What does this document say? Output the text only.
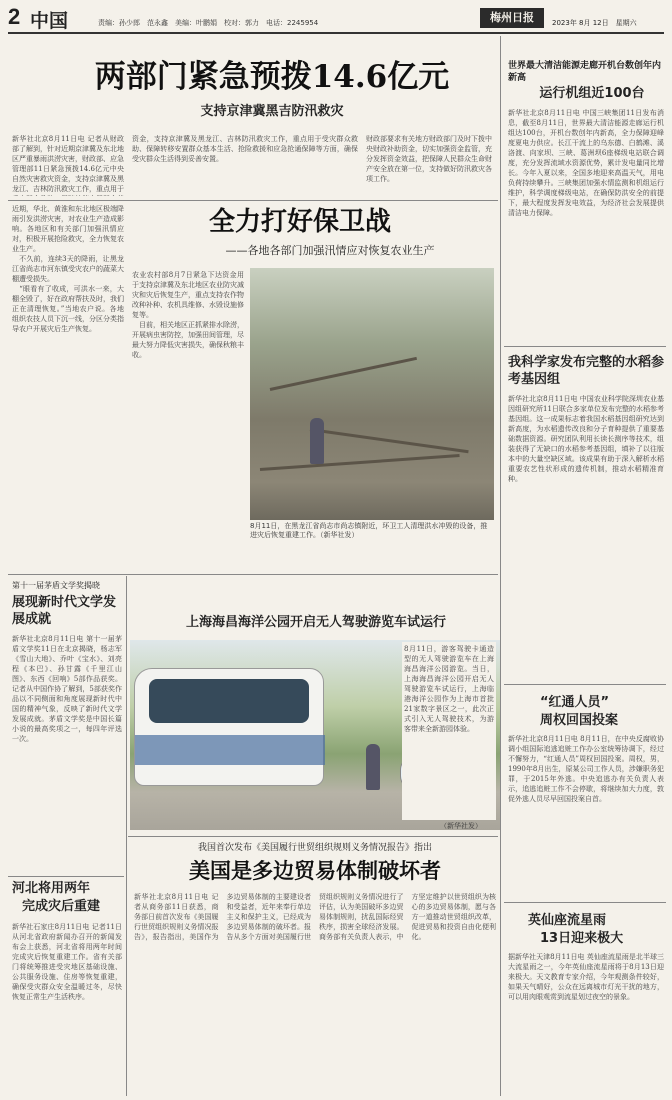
2 中国	责编：孙少郎　范永鑫　美编：叶鹏娟　校对：郭力　电话：2245954	梅州日报	2023年 8月 12日　星期六
两部门紧急预拨14.6亿元
支持京津冀黑吉防汛救灾
新华社北京8月11日电 记者从财政部了解到，针对近期京津冀及东北地区严重暴雨洪涝灾害，财政部、应急管理部11日紧急预拨14.6亿元中央自然灾害救灾资金，支持京津冀及黑龙江、吉林防汛救灾工作，重点用于
资金，支持京津冀及黑龙江、吉林防汛救灾工作，重点用于受灾群众救助、保障转移安置群众基本生活、抢险救援和应急抢通保障等方面，确保受灾群众生活得到妥善安置。
财政部要求有关地方财政部门及时下拨中央财政补助资金，切实加强资金监管，充分发挥资金效益，把保障人民群众生命财产安全放在第一位，支持做好防汛救灾各项工作。
全力打好保卫战
——各地各部门加强汛情应对恢复农业生产
近期，华北、黄淮和东北地区极端降雨引发洪涝灾害，对农业生产造成影响。各地区和有关部门加强汛情应对，积极开展抢险救灾，全力恢复农业生产。
　不久前，连续3天的降雨，让黑龙江省尚志市河东镇受灾农户的蔬菜大棚遭受损失。
　“眼看有了收成，可洪水一来，大棚全毁了，好在政府帮扶及时，我们正在清理恢复。”当地农户说。各地组织农技人员下沉一线，分区分类指导农户开展灾后生产恢复。
农业农村部8月7日紧急下达资金用于支持京津冀及东北地区农业防灾减灾和灾后恢复生产，重点支持农作物改种补种、农机具维修、水毁设施修复等。
　目前，相关地区正抓紧排水除涝，开展病虫害防控，加强田间管理，尽最大努力降低灾害损失，确保秋粮丰收。
8月11日，在黑龙江省尚志市尚志镇附近，环卫工人清理洪水冲毁的设备，推进灾后恢复重建工作。（新华社发）
世界最大清洁能源走廊开机台数创年内新高
运行机组近100台
新华社北京8月11日电 中国三峡集团11日发布消息，截至8月11日，世界最大清洁能源走廊运行机组达100台，开机台数创年内新高，全力保障迎峰度夏电力供应。长江干流上的乌东德、白鹤滩、溪洛渡、向家坝、三峡、葛洲坝6座梯级电站联合调度，充分发挥流域水资源优势，累计发电量同比增长。今年入夏以来，全国多地迎来高温天气，用电负荷持续攀升。三峡集团加强水情监测和机组运行维护，科学调度梯级电站，在确保防洪安全的前提下，最大程度发挥发电效益，为经济社会发展提供清洁电力保障。
我科学家发布完整的水稻参考基因组
新华社北京8月11日电 中国农业科学院深圳农业基因组研究所11日联合多家单位发布完整的水稻参考基因组。这一成果标志着我国水稻基因组研究达到新高度，为水稻遗传改良和分子育种提供了重要基础数据资源。研究团队利用长读长测序等技术，组装获得了无缺口的水稻参考基因组，填补了以往版本中的大量空缺区域。该成果有助于深入解析水稻重要农艺性状形成的遗传机制，推动水稻精准育种。
“红通人员”
周权回国投案
新华社北京8月11日电 8月11日，在中央反腐败协调小组国际追逃追赃工作办公室统筹协调下，经过不懈努力，“红通人员”周权回国投案。周权，男，1990年8月出生，原某公司工作人员，涉嫌职务犯罪，于2015年外逃。中央追逃办有关负责人表示，追逃追赃工作不会停歇，将继续加大力度，敦促外逃人员尽早回国投案自首。
英仙座流星雨
13日迎来极大
据新华社天津8月11日电 英仙座流星雨是北半球三大流星雨之一，今年英仙座流星雨将于8月13日迎来极大。天文教育专家介绍，今年观测条件较好，如果天气晴好，公众在远离城市灯光干扰的地方，可以用肉眼观赏到流星划过夜空的景象。
第十一届茅盾文学奖揭晓
展现新时代文学发展成就
新华社北京8月11日电 第十一届茅盾文学奖11日在北京揭晓，杨志军《雪山大地》、乔叶《宝水》、刘亮程《本巴》、孙甘露《千里江山图》、东西《回响》5部作品获奖。记者从中国作协了解到，5部获奖作品以不同侧面和角度展现新时代中国的精神气象，反映了新时代文学发展成就。茅盾文学奖是中国长篇小说的最高奖项之一，每四年评选一次。
河北将用两年
完成灾后重建
新华社石家庄8月11日电 记者11日从河北省政府新闻办召开的新闻发布会上获悉，河北省将用两年时间完成灾后恢复重建工作。省有关部门将统筹推进受灾地区基础设施、公共服务设施、住房等恢复重建，确保受灾群众安全温暖过冬，尽快恢复正常生产生活秩序。
上海海昌海洋公园开启无人驾驶游览车试运行
8月11日，游客驾驶卡通造型的无人驾驶游览车在上海海昌海洋公园游览。当日，上海海昌海洋公园开启无人驾驶游览车试运行，上海临港海洋公园作为上海市首批21家数字景区之一，此次正式引入无人驾驶技术，为游客带来全新游园体验。
（新华社发）
我国首次发布《美国履行世贸组织规则义务情况报告》指出
美国是多边贸易体制破坏者
新华社北京8月11日电 记者从商务部11日获悉，商务部日前首次发布《美国履行世贸组织规则义务情况报告》，报告指出，美国作为多边贸易体制的主要建设者和受益者，近年来奉行单边主义和保护主义，已经成为多边贸易体制的破坏者。报告从多个方面对美国履行世贸组织规则义务情况进行了评估，认为美国破坏多边贸易体制规则，扰乱国际经贸秩序，损害全球经济发展。商务部有关负责人表示，中方坚定维护以世贸组织为核心的多边贸易体制，愿与各方一道推动世贸组织改革，促进贸易和投资自由化便利化。
